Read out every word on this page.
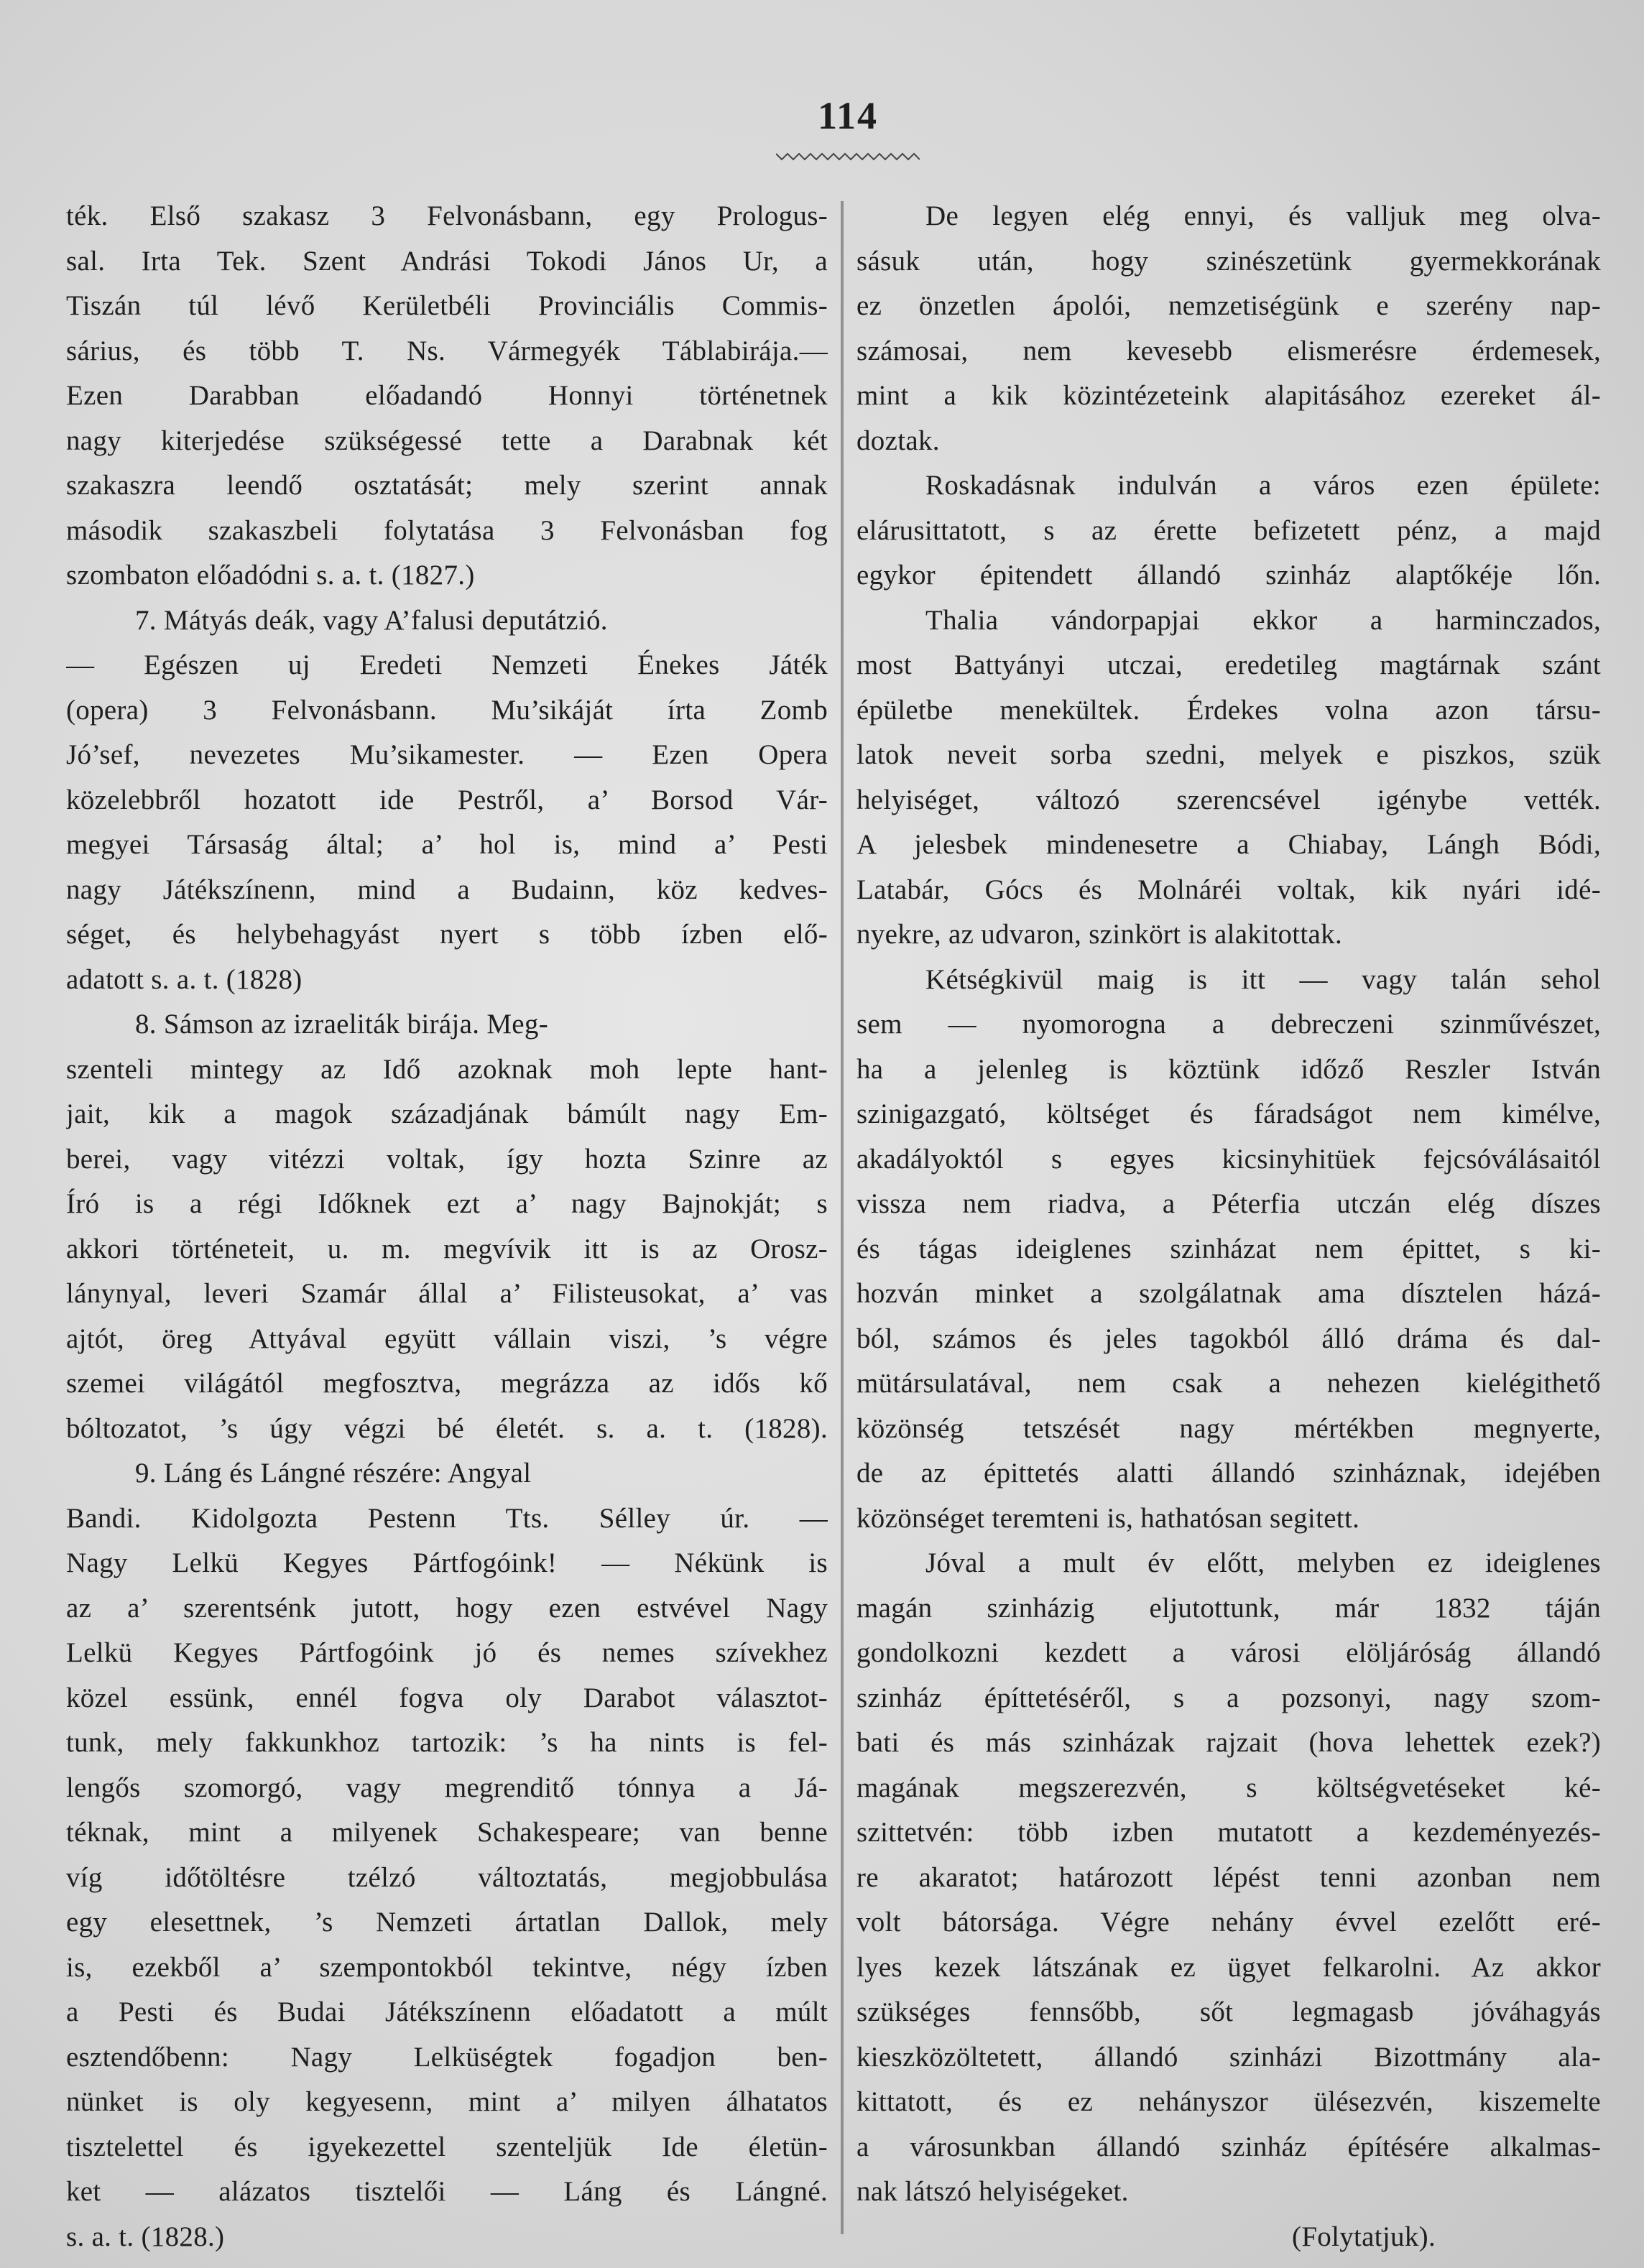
114
ték. Első szakasz 3 Felvonásbann, egy Prologus-
sal. Irta Tek. Szent Andrási Tokodi János Ur, a
Tiszán túl lévő Kerületbéli Provinciális Commis-
sárius, és több T. Ns. Vármegyék Táblabirája.—
Ezen Darabban előadandó Honnyi történetnek
nagy kiterjedése szükségessé tette a Darabnak két
szakaszra leendő osztatását; mely szerint annak
második szakaszbeli folytatása 3 Felvonásban fog
szombaton előadódni s. a. t. (1827.)
7. Mátyás deák, vagy A’falusi deputátzió.
— Egészen uj Eredeti Nemzeti Énekes Játék
(opera) 3 Felvonásbann. Mu’sikáját írta Zomb
Jó’sef, nevezetes Mu’sikamester. — Ezen Opera
közelebbről hozatott ide Pestről, a’ Borsod Vár-
megyei Társaság által; a’ hol is, mind a’ Pesti
nagy Játékszínenn, mind a Budainn, köz kedves-
séget, és helybehagyást nyert s több ízben elő-
adatott s. a. t. (1828)
8. Sámson az izraeliták birája. Meg-
szenteli mintegy az Idő azoknak moh lepte hant-
jait, kik a magok századjának bámúlt nagy Em-
berei, vagy vitézzi voltak, így hozta Szinre az
Író is a régi Időknek ezt a’ nagy Bajnokját; s
akkori történeteit, u. m. megvívik itt is az Orosz-
lánynyal, leveri Szamár állal a’ Filisteusokat, a’ vas
ajtót, öreg Attyával együtt vállain viszi, ’s végre
szemei világától megfosztva, megrázza az idős kő
bóltozatot, ’s úgy végzi bé életét. s. a. t. (1828).
9. Láng és Lángné részére: Angyal
Bandi. Kidolgozta Pestenn Tts. Sélley úr. —
Nagy Lelkü Kegyes Pártfogóink! — Nékünk is
az a’ szerentsénk jutott, hogy ezen estvével Nagy
Lelkü Kegyes Pártfogóink jó és nemes szívekhez
közel essünk, ennél fogva oly Darabot választot-
tunk, mely fakkunkhoz tartozik: ’s ha nints is fel-
lengős szomorgó, vagy megrenditő tónnya a Já-
téknak, mint a milyenek Schakespeare; van benne
víg időtöltésre tzélzó változtatás, megjobbulása
egy elesettnek, ’s Nemzeti ártatlan Dallok, mely
is, ezekből a’ szempontokból tekintve, négy ízben
a Pesti és Budai Játékszínenn előadatott a múlt
esztendőbenn: Nagy Lelküségtek fogadjon ben-
nünket is oly kegyesenn, mint a’ milyen álhatatos
tisztelettel és igyekezettel szenteljük Ide életün-
ket — alázatos tisztelői — Láng és Lángné.
s. a. t. (1828.)
De legyen elég ennyi, és valljuk meg olva-
sásuk után, hogy szinészetünk gyermekkorának
ez önzetlen ápolói, nemzetiségünk e szerény nap-
számosai, nem kevesebb elismerésre érdemesek,
mint a kik közintézeteink alapitásához ezereket ál-
doztak.
Roskadásnak indulván a város ezen épülete:
elárusittatott, s az érette befizetett pénz, a majd
egykor épitendett állandó szinház alaptőkéje lőn.
Thalia vándorpapjai ekkor a harminczados,
most Battyányi utczai, eredetileg magtárnak szánt
épületbe menekültek. Érdekes volna azon társu-
latok neveit sorba szedni, melyek e piszkos, szük
helyiséget, változó szerencsével igénybe vették.
A jelesbek mindenesetre a Chiabay, Lángh Bódi,
Latabár, Gócs és Molnáréi voltak, kik nyári idé-
nyekre, az udvaron, szinkört is alakitottak.
Kétségkivül maig is itt — vagy talán sehol
sem — nyomorogna a debreczeni szinművészet,
ha a jelenleg is köztünk időző Reszler István
szinigazgató, költséget és fáradságot nem kimélve,
akadályoktól s egyes kicsinyhitüek fejcsóválásaitól
vissza nem riadva, a Péterfia utczán elég díszes
és tágas ideiglenes szinházat nem épittet, s ki-
hozván minket a szolgálatnak ama dísztelen házá-
ból, számos és jeles tagokból álló dráma és dal-
mütársulatával, nem csak a nehezen kielégithető
közönség tetszését nagy mértékben megnyerte,
de az épittetés alatti állandó szinháznak, idejében
közönséget teremteni is, hathatósan segitett.
Jóval a mult év előtt, melyben ez ideiglenes
magán szinházig eljutottunk, már 1832 táján
gondolkozni kezdett a városi elöljáróság állandó
szinház építtetéséről, s a pozsonyi, nagy szom-
bati és más szinházak rajzait (hova lehettek ezek?)
magának megszerezvén, s költségvetéseket ké-
szittetvén: több izben mutatott a kezdeményezés-
re akaratot; határozott lépést tenni azonban nem
volt bátorsága. Végre nehány évvel ezelőtt eré-
lyes kezek látszának ez ügyet felkarolni. Az akkor
szükséges fennsőbb, sőt legmagasb jóváhagyás
kieszközöltetett, állandó szinházi Bizottmány ala-
kittatott, és ez nehányszor ülésezvén, kiszemelte
a városunkban állandó szinház építésére alkalmas-
nak látszó helyiségeket.
(Folytatjuk).
